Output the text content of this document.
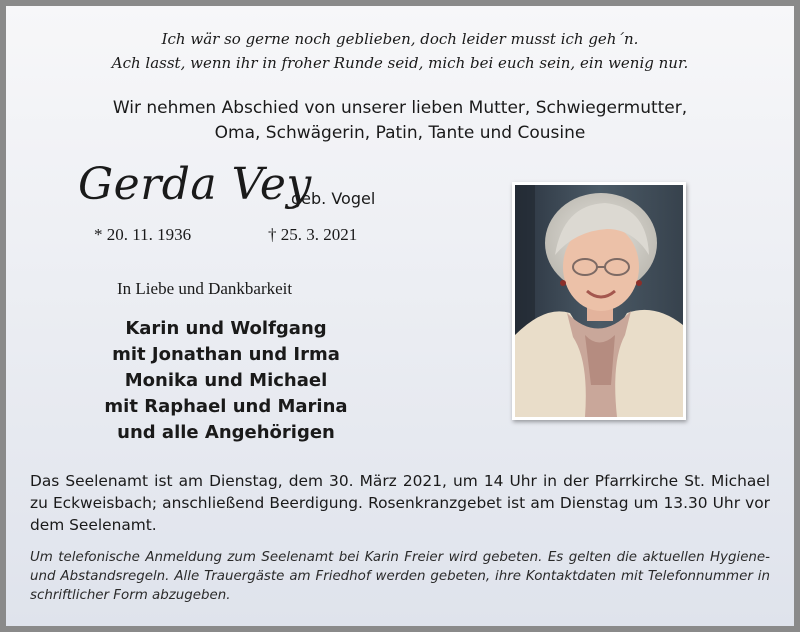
Ich wär so gerne noch geblieben, doch leider musst ich geh´n.
Ach lasst, wenn ihr in froher Runde seid, mich bei euch sein, ein wenig nur.
Wir nehmen Abschied von unserer lieben Mutter, Schwiegermutter,
Oma, Schwägerin, Patin, Tante und Cousine
Gerda Vey
geb. Vogel
* 20. 11. 1936	† 25. 3. 2021
In Liebe und Dankbarkeit
Karin und Wolfgang
mit Jonathan und Irma
Monika und Michael
mit Raphael und Marina
und alle Angehörigen
Das Seelenamt ist am Dienstag, dem 30. März 2021, um 14 Uhr in der Pfarrkirche St. Michael zu Eckweisbach; anschließend Beerdigung. Rosenkranzgebet ist am Dienstag um 13.30 Uhr vor dem Seelenamt.
Um telefonische Anmeldung zum Seelenamt bei Karin Freier wird gebeten. Es gelten die aktuellen Hygiene- und Abstandsregeln. Alle Trauergäste am Friedhof werden gebeten, ihre Kontaktdaten mit Telefonnummer in schriftlicher Form abzugeben.
